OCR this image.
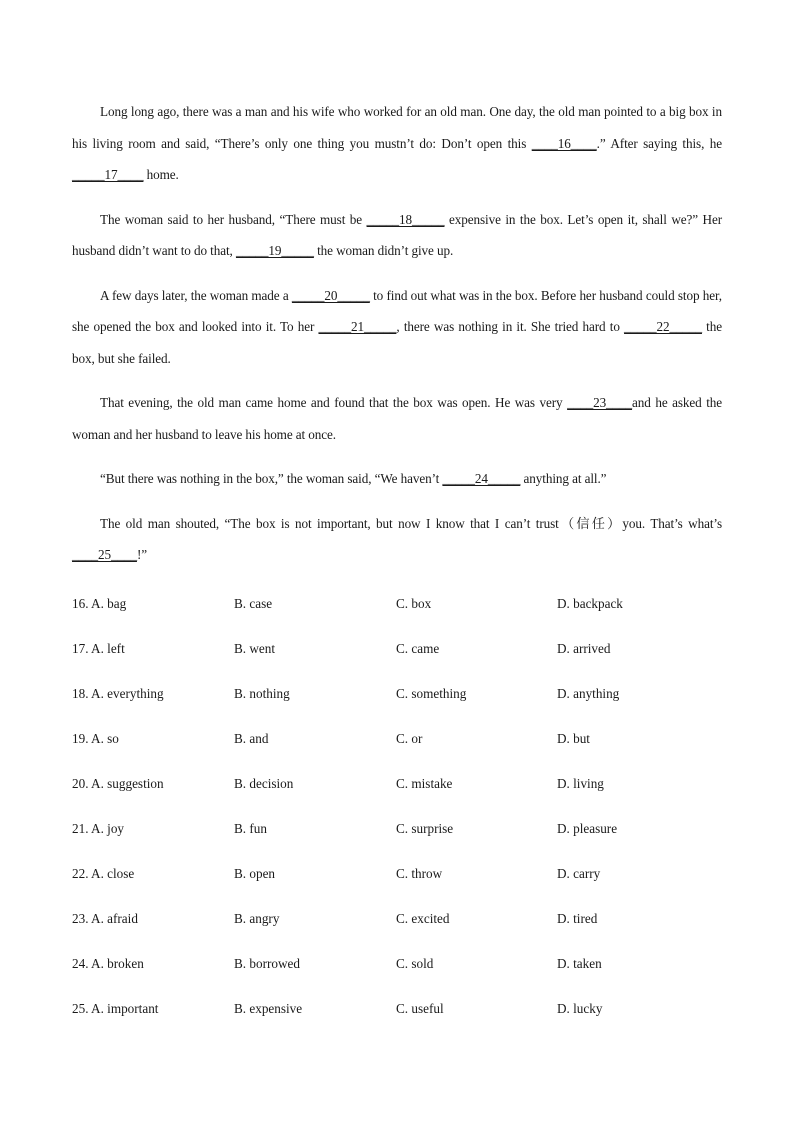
Long long ago, there was a man and his wife who worked for an old man. One day, the old man pointed to a big box in his living room and said, “There’s only one thing you mustn’t do: Don’t open this ____16____.” After saying this, he _____17____ home.

The woman said to her husband, “There must be _____18_____ expensive in the box. Let’s open it, shall we?” Her husband didn’t want to do that, _____19_____ the woman didn’t give up.

A few days later, the woman made a _____20_____ to find out what was in the box. Before her husband could stop her, she opened the box and looked into it. To her _____21_____, there was nothing in it. She tried hard to _____22_____ the box, but she failed.

That evening, the old man came home and found that the box was open. He was very ____23____and he asked the woman and her husband to leave his home at once.

“But there was nothing in the box,” the woman said, “We haven’t _____24_____ anything at all.”

The old man shouted, “The box is not important, but now I know that I can’t trust（信任）you. That’s what’s ____25____!”

16. A. bag	B. case	C. box	D. backpack
17. A. left	B. went	C. came	D. arrived
18. A. everything	B. nothing	C. something	D. anything
19. A. so	B. and	C. or	D. but
20. A. suggestion	B. decision	C. mistake	D. living
21. A. joy	B. fun	C. surprise	D. pleasure
22. A. close	B. open	C. throw	D. carry
23. A. afraid	B. angry	C. excited	D. tired
24. A. broken	B. borrowed	C. sold	D. taken
25. A. important	B. expensive	C. useful	D. lucky
